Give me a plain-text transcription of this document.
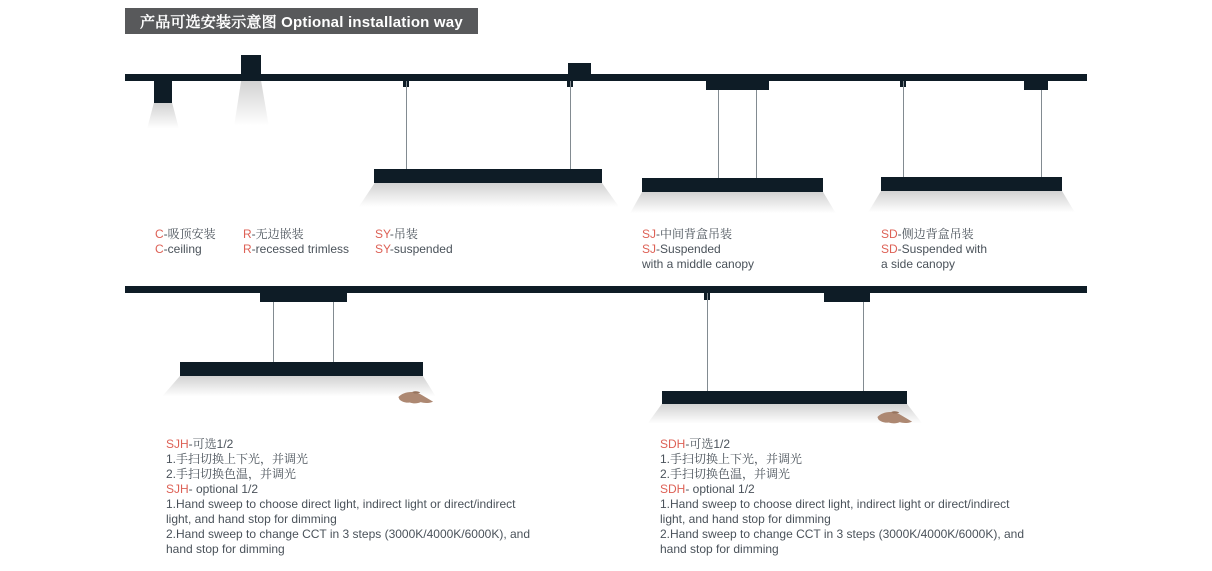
产品可选安装示意图 Optional installation way
C-吸顶安装
C-ceiling
R-无边嵌装
R-recessed trimless
SY-吊装
SY-suspended
SJ-中间背盒吊装
SJ-Suspended
with a middle canopy
SD-侧边背盒吊装
SD-Suspended with
a side canopy
SJH-可选1/2
1.手扫切换上下光，并调光
2.手扫切换色温，并调光
SJH- optional 1/2
1.Hand sweep to choose direct light, indirect light or direct/indirect
light, and hand stop for dimming
2.Hand sweep to change CCT in 3 steps (3000K/4000K/6000K), and
hand stop for dimming
SDH-可选1/2
1.手扫切换上下光，并调光
2.手扫切换色温，并调光
SDH- optional 1/2
1.Hand sweep to choose direct light, indirect light or direct/indirect
light, and hand stop for dimming
2.Hand sweep to change CCT in 3 steps (3000K/4000K/6000K), and
hand stop for dimming
